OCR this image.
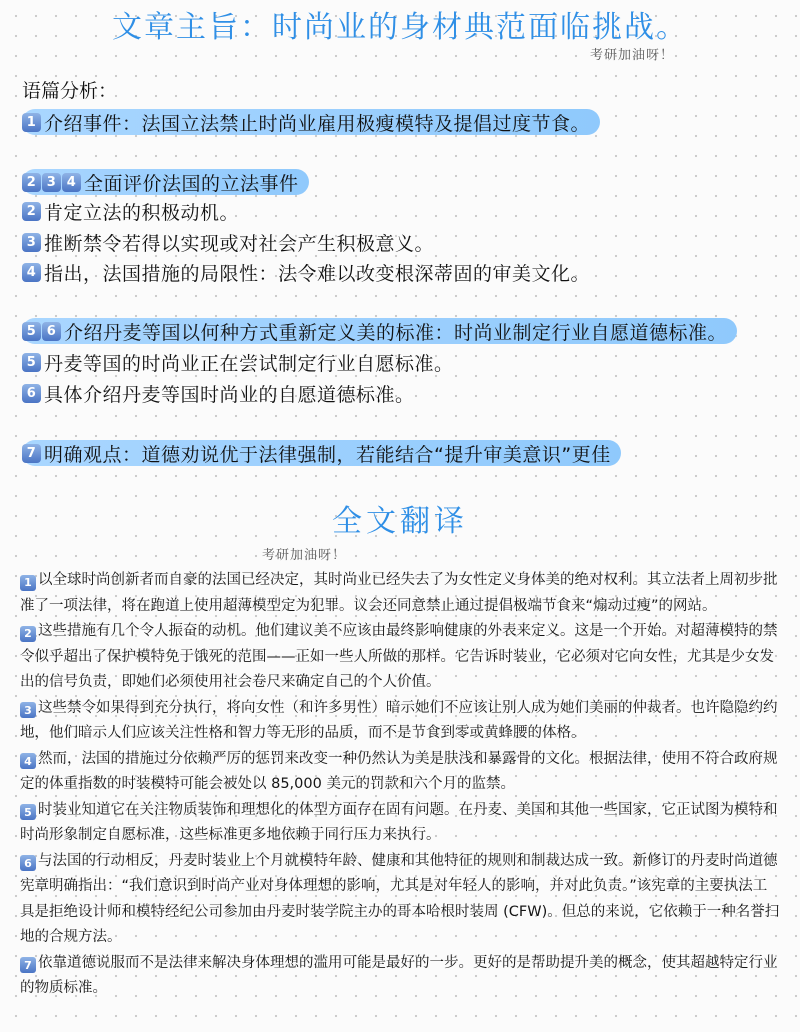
文章主旨：时尚业的身材典范面临挑战。
考研加油呀！
语篇分析：
1 介绍事件：法国立法禁止时尚业雇用极瘦模特及提倡过度节食。
2 3 4 全面评价法国的立法事件
2 肯定立法的积极动机。
3 推断禁令若得以实现或对社会产生积极意义。
4 指出，法国措施的局限性：法令难以改变根深蒂固的审美文化。
5 6 介绍丹麦等国以何种方式重新定义美的标准：时尚业制定行业自愿道德标准。
5 丹麦等国的时尚业正在尝试制定行业自愿标准。
6 具体介绍丹麦等国时尚业的自愿道德标准。
7 明确观点：道德劝说优于法律强制，若能结合“提升审美意识”更佳
全文翻译
考研加油呀！

1 以全球时尚创新者而自豪的法国已经决定，其时尚业已经失去了为女性定义身体美的绝对权利。其立法者上周初步批准了一项法律，将在跑道上使用超薄模型定为犯罪。议会还同意禁止通过提倡极端节食来“煽动过瘦”的网站。

2 这些措施有几个令人振奋的动机。他们建议美不应该由最终影响健康的外表来定义。这是一个开始。对超薄模特的禁令似乎超出了保护模特免于饿死的范围——正如一些人所做的那样。它告诉时装业，它必须对它向女性，尤其是少女发出的信号负责，即她们必须使用社会卷尺来确定自己的个人价值。

3 这些禁令如果得到充分执行，将向女性（和许多男性）暗示她们不应该让别人成为她们美丽的仲裁者。也许隐隐约约地，他们暗示人们应该关注性格和智力等无形的品质，而不是节食到零或黄蜂腰的体格。

4 然而，法国的措施过分依赖严厉的惩罚来改变一种仍然认为美是肤浅和暴露骨的文化。根据法律，使用不符合政府规定的体重指数的时装模特可能会被处以 85,000 美元的罚款和六个月的监禁。

5 时装业知道它在关注物质装饰和理想化的体型方面存在固有问题。在丹麦、美国和其他一些国家，它正试图为模特和时尚形象制定自愿标准，这些标准更多地依赖于同行压力来执行。

6 与法国的行动相反，丹麦时装业上个月就模特年龄、健康和其他特征的规则和制裁达成一致。新修订的丹麦时尚道德宪章明确指出：“我们意识到时尚产业对身体理想的影响，尤其是对年轻人的影响，并对此负责。”该宪章的主要执法工具是拒绝设计师和模特经纪公司参加由丹麦时装学院主办的哥本哈根时装周 (CFW)。但总的来说，它依赖于一种名誉扫地的合规方法。

7 依靠道德说服而不是法律来解决身体理想的滥用可能是最好的一步。更好的是帮助提升美的概念，使其超越特定行业的物质标准。
